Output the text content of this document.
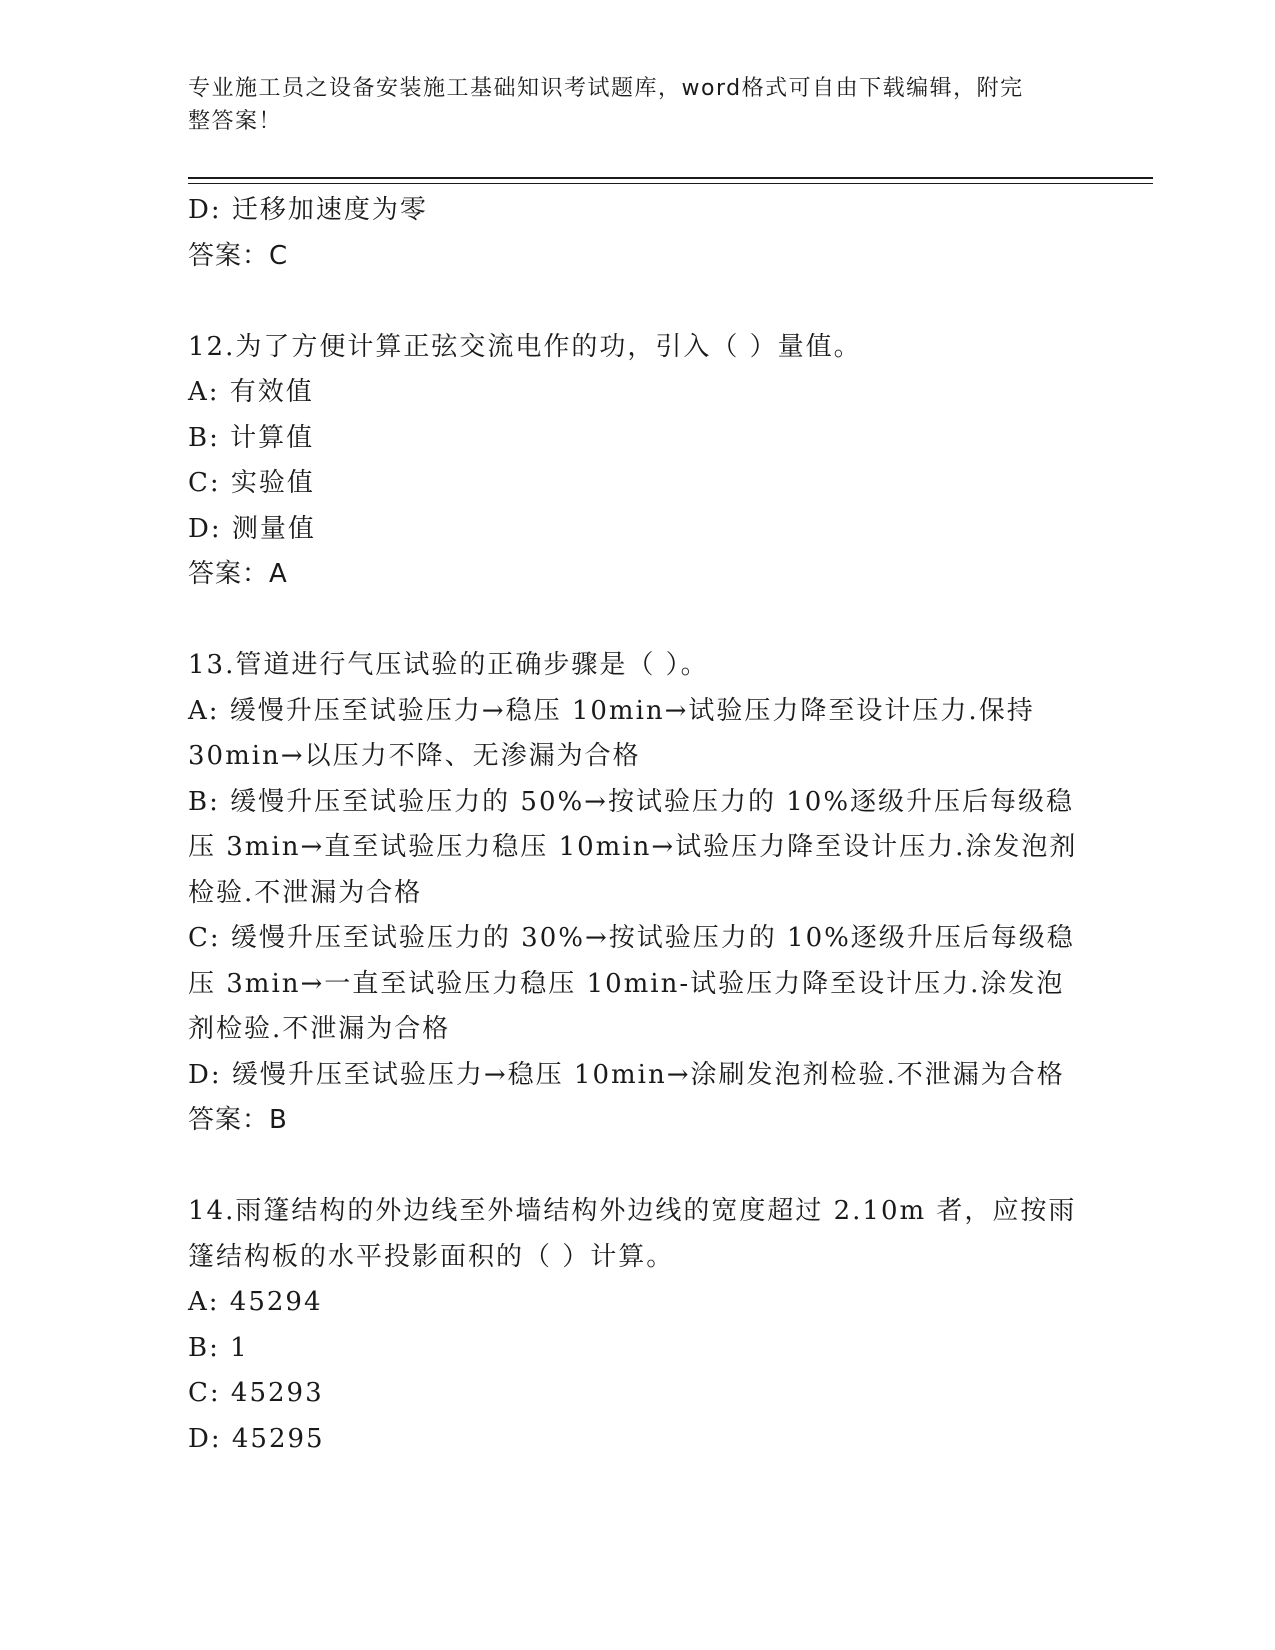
专业施工员之设备安装施工基础知识考试题库，word格式可自由下载编辑，附完
整答案！
D: 迁移加速度为零
答案：C
12.为了方便计算正弦交流电作的功，引入（ ）量值。
A: 有效值
B: 计算值
C: 实验值
D: 测量值
答案：A
13.管道进行气压试验的正确步骤是（ ）。
A: 缓慢升压至试验压力→稳压 10min→试验压力降至设计压力.保持
30min→以压力不降、无渗漏为合格
B: 缓慢升压至试验压力的 50%→按试验压力的 10%逐级升压后每级稳
压 3min→直至试验压力稳压 10min→试验压力降至设计压力.涂发泡剂
检验.不泄漏为合格
C: 缓慢升压至试验压力的 30%→按试验压力的 10%逐级升压后每级稳
压 3min→一直至试验压力稳压 10min-试验压力降至设计压力.涂发泡
剂检验.不泄漏为合格
D: 缓慢升压至试验压力→稳压 10min→涂刷发泡剂检验.不泄漏为合格
答案：B
14.雨篷结构的外边线至外墙结构外边线的宽度超过 2.10m 者，应按雨
篷结构板的水平投影面积的（ ）计算。
A: 45294
B: 1
C: 45293
D: 45295
